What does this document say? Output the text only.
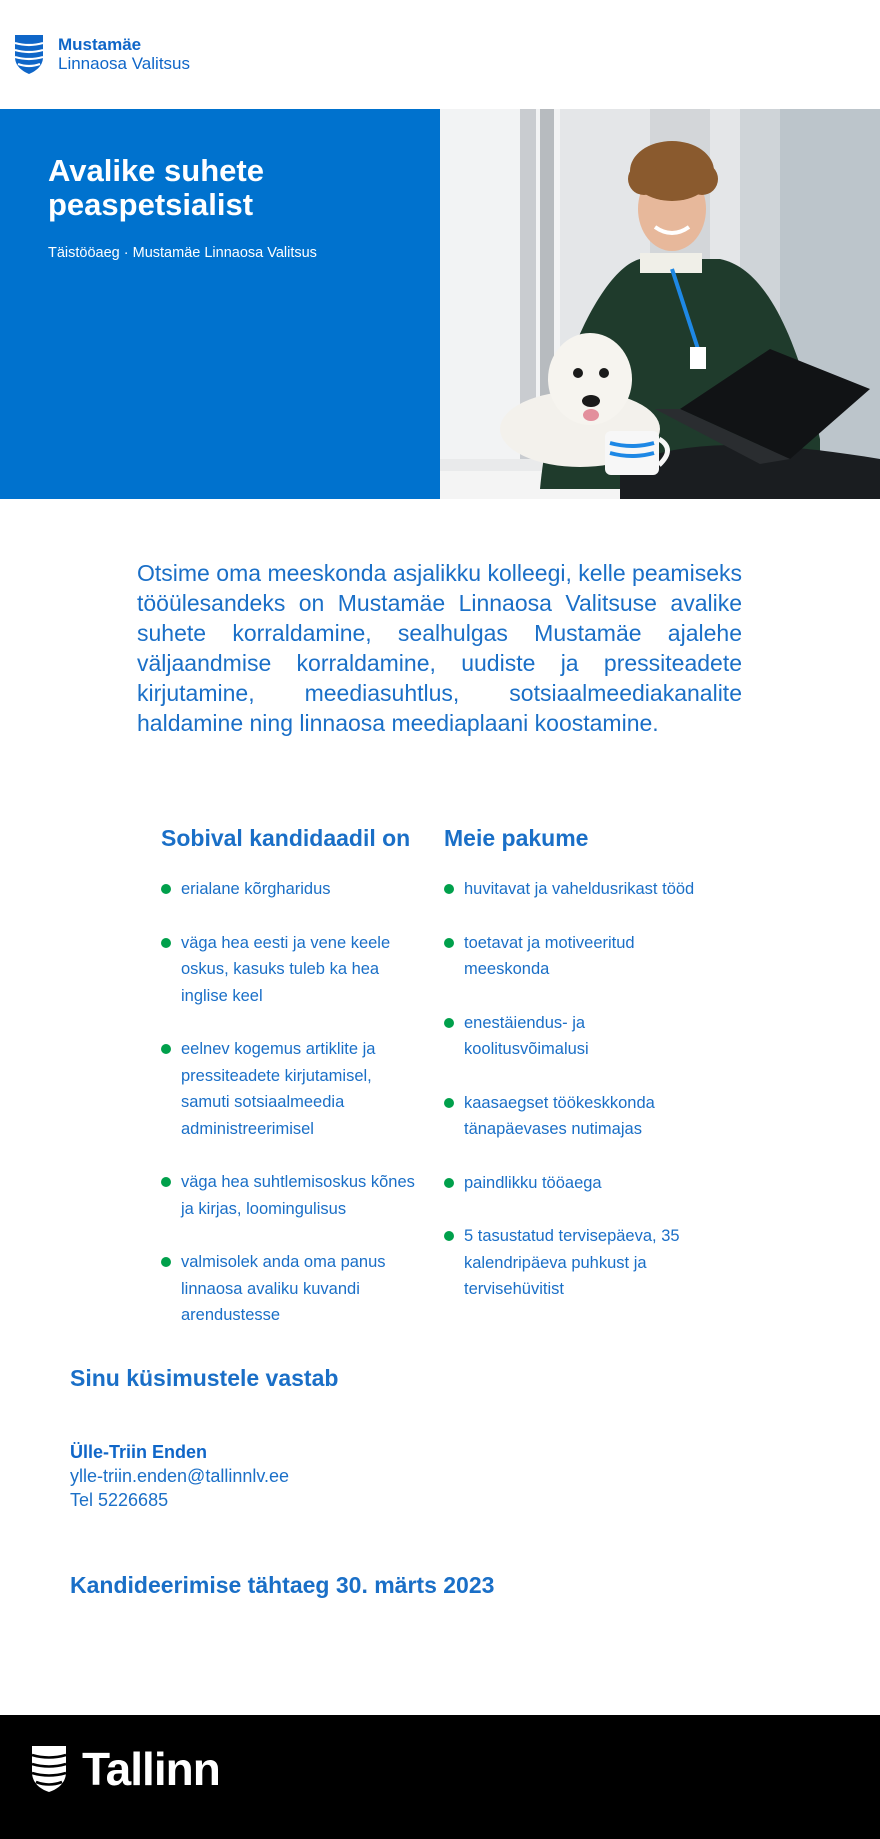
Mustamäe
Linnaosa Valitsus
Avalike suhete peaspetsialist
Täistööaeg · Mustamäe Linnaosa Valitsus

Otsime oma meeskonda asjalikku kolleegi, kelle peamiseks tööülesandeks on Mustamäe Linnaosa Valitsuse avalike suhete korraldamine, sealhulgas Mustamäe ajalehe väljaandmise korraldamine, uudiste ja pressiteadete kirjutamine, meediasuhtlus, sotsiaalmeediakanalite haldamine ning linnaosa meediaplaani koostamine.

Sobival kandidaadil on
erialane kõrgharidus
väga hea eesti ja vene keele oskus, kasuks tuleb ka hea inglise keel
eelnev kogemus artiklite ja pressiteadete kirjutamisel, samuti sotsiaalmeedia administreerimisel
väga hea suhtlemisoskus kõnes ja kirjas, loomingulisus
valmisolek anda oma panus linnaosa avaliku kuvandi arendustesse
Meie pakume
huvitavat ja vaheldusrikast tööd
toetavat ja motiveeritud meeskonda
enestäiendus- ja koolitusvõimalusi
kaasaegset töökeskkonda tänapäevases nutimajas
paindlikku tööaega
5 tasustatud tervisepäeva, 35 kalendripäeva puhkust ja tervisehüvitist
Sinu küsimustele vastab
Ülle-Triin Enden
ylle-triin.enden@tallinnlv.ee
Tel 5226685
Kandideerimise tähtaeg 30. märts 2023
Tallinn
